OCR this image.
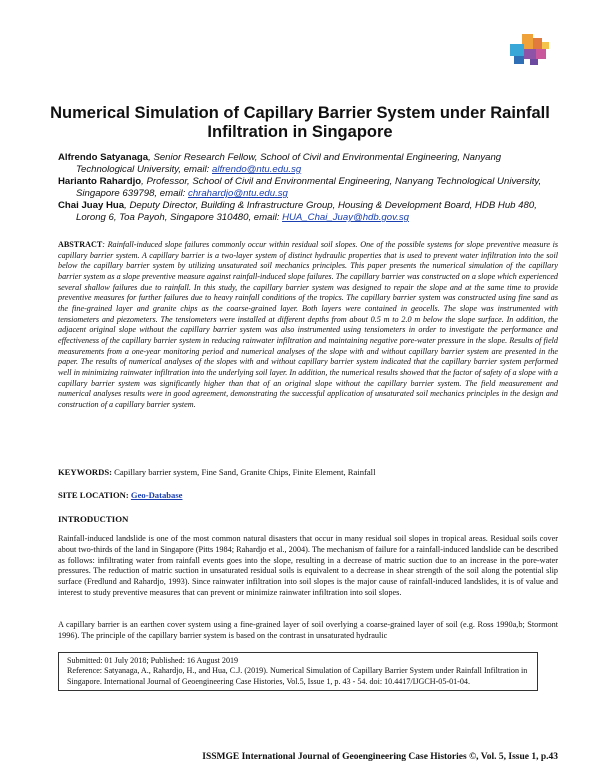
Numerical Simulation of Capillary Barrier System under Rainfall Infiltration in Singapore
Alfrendo Satyanaga, Senior Research Fellow, School of Civil and Environmental Engineering, Nanyang Technological University, email: alfrendo@ntu.edu.sg
Harianto Rahardjo, Professor, School of Civil and Environmental Engineering, Nanyang Technological University, Singapore 639798, email: chrahardjo@ntu.edu.sg
Chai Juay Hua, Deputy Director, Building & Infrastructure Group, Housing & Development Board, HDB Hub 480, Lorong 6, Toa Payoh, Singapore 310480, email: HUA_Chai_Juay@hdb.gov.sg
ABSTRACT: Rainfall-induced slope failures commonly occur within residual soil slopes. One of the possible systems for slope preventive measure is capillary barrier system. A capillary barrier is a two-layer system of distinct hydraulic properties that is used to prevent water infiltration into the soil below the capillary barrier system by utilizing unsaturated soil mechanics principles. This paper presents the numerical simulation of the capillary barrier system as a slope preventive measure against rainfall-induced slope failures. The capillary barrier was constructed on a slope which experienced several shallow failures due to rainfall. In this study, the capillary barrier system was designed to repair the slope and at the same time to provide preventive measures for further failures due to heavy rainfall conditions of the tropics. The capillary barrier system was constructed using fine sand as the fine-grained layer and granite chips as the coarse-grained layer. Both layers were contained in geocells. The slope was instrumented with tensiometers and piezometers. The tensiometers were installed at different depths from about 0.5 m to 2.0 m below the slope surface. In addition, the adjacent original slope without the capillary barrier system was also instrumented using tensiometers in order to investigate the performance and effectiveness of the capillary barrier system in reducing rainwater infiltration and maintaining negative pore-water pressure in the slope. Results of field measurements from a one-year monitoring period and numerical analyses of the slope with and without capillary barrier system are presented in the paper. The results of numerical analyses of the slopes with and without capillary barrier system indicated that the capillary barrier system performed well in minimizing rainwater infiltration into the underlying soil layer. In addition, the numerical results showed that the factor of safety of a slope with a capillary barrier system was significantly higher than that of an original slope without the capillary barrier system. The field measurement and numerical analyses results were in good agreement, demonstrating the successful application of unsaturated soil mechanics principles in the design and construction of a capillary barrier system.
KEYWORDS: Capillary barrier system, Fine Sand, Granite Chips, Finite Element, Rainfall
SITE LOCATION: Geo-Database
INTRODUCTION
Rainfall-induced landslide is one of the most common natural disasters that occur in many residual soil slopes in tropical areas. Residual soils cover about two-thirds of the land in Singapore (Pitts 1984; Rahardjo et al., 2004). The mechanism of failure for a rainfall-induced landslide can be described as follows: infiltrating water from rainfall events goes into the slope, resulting in a decrease of matric suction due to an increase in the pore-water pressures. The reduction of matric suction in unsaturated residual soils is equivalent to a decrease in shear strength of the soil along the potential slip surface (Fredlund and Rahardjo, 1993). Since rainwater infiltration into soil slopes is the major cause of rainfall-induced landslides, it is of value and interest to study preventive measures that can prevent or minimize rainwater infiltration into soil slopes.
A capillary barrier is an earthen cover system using a fine-grained layer of soil overlying a coarse-grained layer of soil (e.g. Ross 1990a,b; Stormont 1996). The principle of the capillary barrier system is based on the contrast in unsaturated hydraulic
Submitted: 01 July 2018; Published: 16 August 2019
Reference: Satyanaga, A., Rahardjo, H., and Hua, C.J. (2019). Numerical Simulation of Capillary Barrier System under Rainfall Infiltration in Singapore. International Journal of Geoengineering Case Histories, Vol.5, Issue 1, p. 43 - 54. doi: 10.4417/IJGCH-05-01-04.
ISSMGE International Journal of Geoengineering Case Histories ©, Vol. 5, Issue 1, p.43
